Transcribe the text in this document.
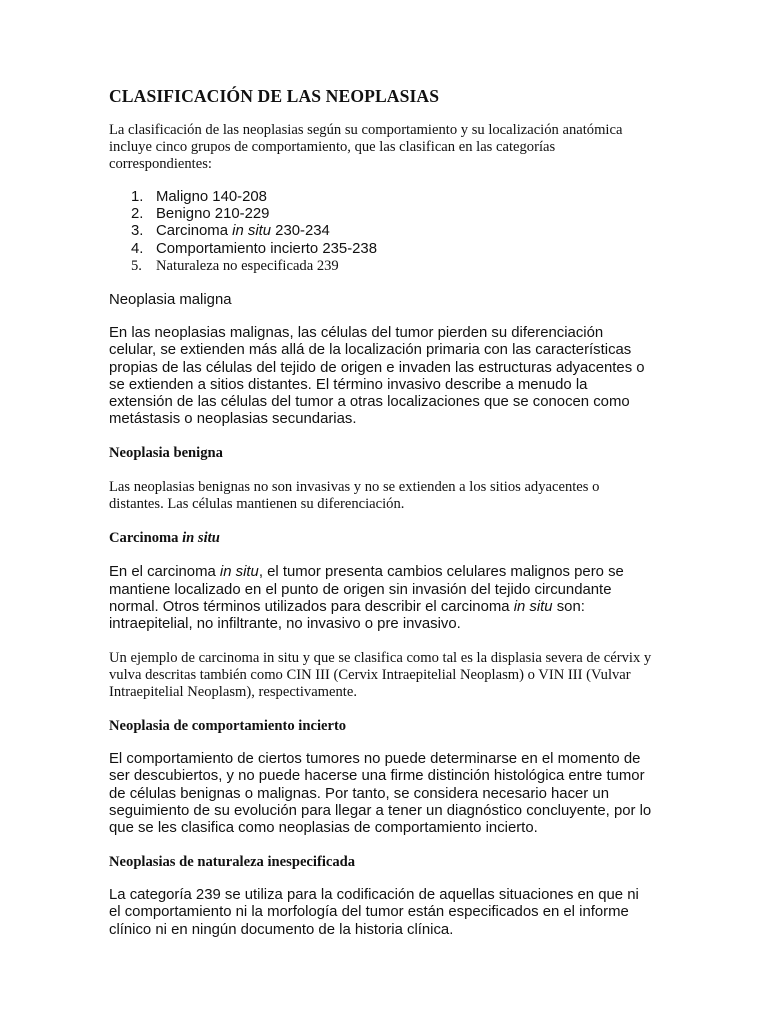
CLASIFICACIÓN DE LAS NEOPLASIAS

La clasificación de las neoplasias según su comportamiento y su localización anatómica incluye cinco grupos de comportamiento, que las clasifican en las categorías correspondientes:

1. Maligno 140-208
2. Benigno 210-229
3. Carcinoma in situ 230-234
4. Comportamiento incierto 235-238
5. Naturaleza no especificada 239

Neoplasia maligna

En las neoplasias malignas, las células del tumor pierden su diferenciación celular, se extienden más allá de la localización primaria con las características propias de las células del tejido de origen e invaden las estructuras adyacentes o se extienden a sitios distantes. El término invasivo describe a menudo la extensión de las células del tumor a otras localizaciones que se conocen como metástasis o neoplasias secundarias.

Neoplasia benigna

Las neoplasias benignas no son invasivas y no se extienden a los sitios adyacentes o distantes. Las células mantienen su diferenciación.

Carcinoma in situ

En el carcinoma in situ, el tumor presenta cambios celulares malignos pero se mantiene localizado en el punto de origen sin invasión del tejido circundante normal. Otros términos utilizados para describir el carcinoma in situ son: intraepitelial, no infiltrante, no invasivo o pre invasivo.

Un ejemplo de carcinoma in situ y que se clasifica como tal es la displasia severa de cérvix y vulva descritas también como CIN III (Cervix Intraepitelial Neoplasm) o VIN III (Vulvar Intraepitelial Neoplasm), respectivamente.

Neoplasia de comportamiento incierto

El comportamiento de ciertos tumores no puede determinarse en el momento de ser descubiertos, y no puede hacerse una firme distinción histológica entre tumor de células benignas o malignas. Por tanto, se considera necesario hacer un seguimiento de su evolución para llegar a tener un diagnóstico concluyente, por lo que se les clasifica como neoplasias de comportamiento incierto.

Neoplasias de naturaleza inespecificada

La categoría 239 se utiliza para la codificación de aquellas situaciones en que ni el comportamiento ni la morfología del tumor están especificados en el informe clínico ni en ningún documento de la historia clínica.
